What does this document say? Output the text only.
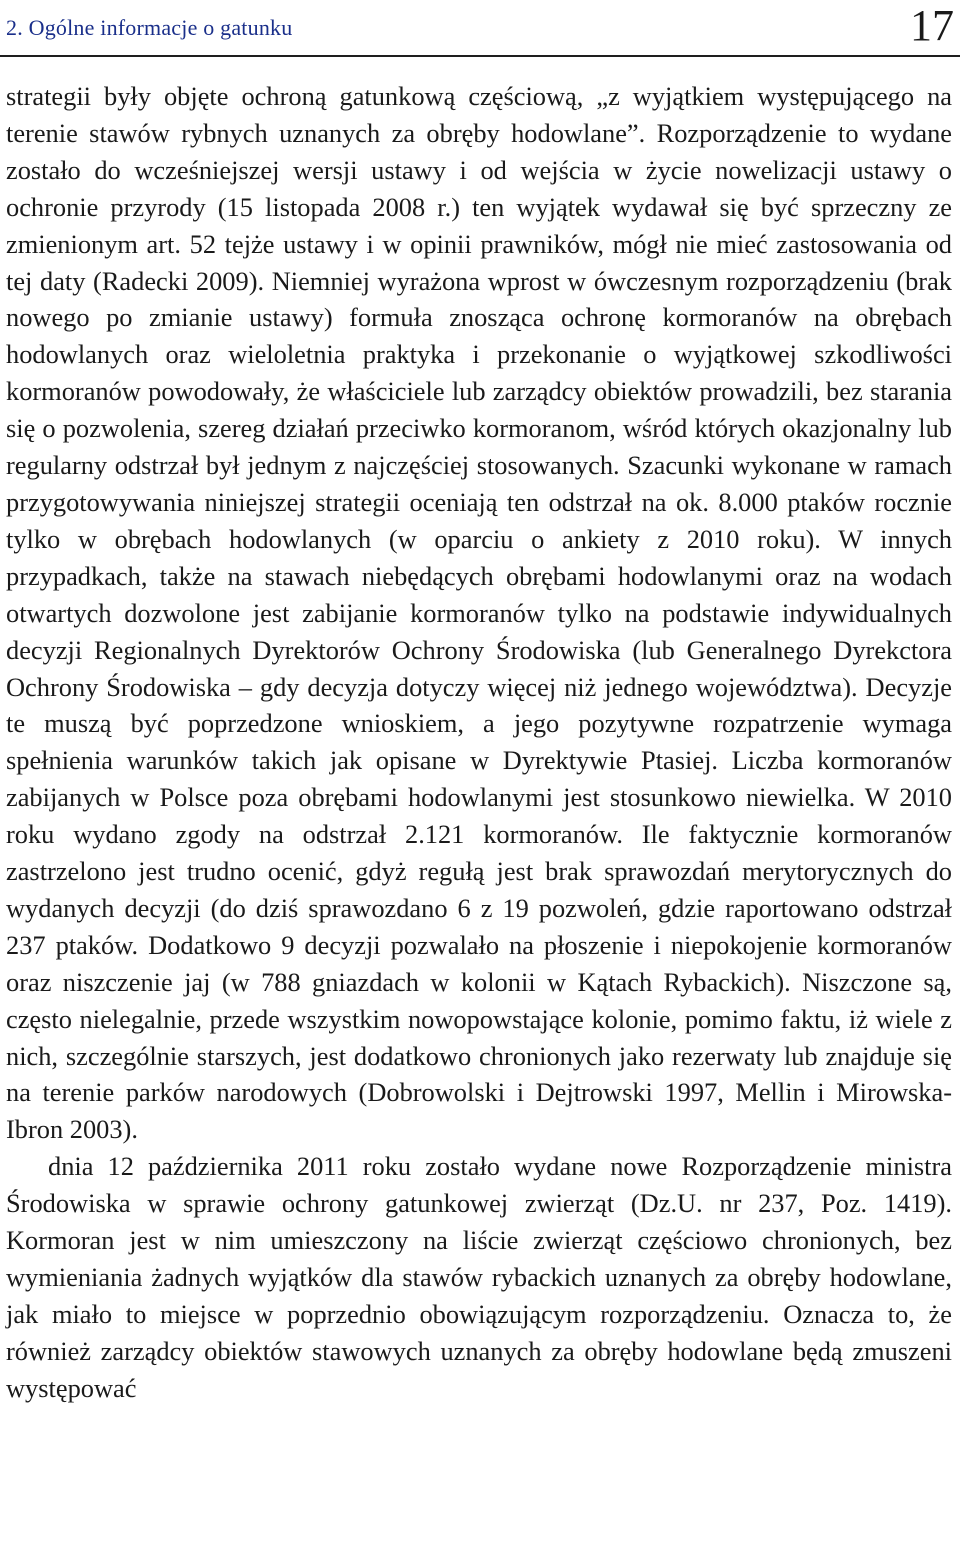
2. Ogólne informacje o gatunku	17

strategii były objęte ochroną gatunkową częściową, „z wyjątkiem występującego na terenie stawów rybnych uznanych za obręby hodowlane”. Rozporządzenie to wydane zostało do wcześniejszej wersji ustawy i od wejścia w życie nowelizacji ustawy o ochronie przyrody (15 listopada 2008 r.) ten wyjątek wydawał się być sprzeczny ze zmienionym art. 52 tejże ustawy i w opinii prawników, mógł nie mieć zastosowania od tej daty (Radecki 2009). Niemniej wyrażona wprost w ówczesnym rozporządzeniu (brak nowego po zmianie ustawy) formuła znosząca ochronę kormoranów na obrębach hodowlanych oraz wieloletnia praktyka i przekonanie o wyjątkowej szkodliwości kormoranów powodowały, że właściciele lub zarządcy obiektów prowadzili, bez starania się o pozwolenia, szereg działań przeciwko kormoranom, wśród których okazjonalny lub regularny odstrzał był jednym z najczęściej stosowanych. Szacunki wykonane w ramach przygotowywania niniejszej strategii oceniają ten odstrzał na ok. 8.000 ptaków rocznie tylko w obrębach hodowlanych (w oparciu o ankiety z 2010 roku). W innych przypadkach, także na stawach niebędących obrębami hodowlanymi oraz na wodach otwartych dozwolone jest zabijanie kormoranów tylko na podstawie indywidualnych decyzji Regionalnych Dyrektorów Ochrony Środowiska (lub Generalnego Dyrekctora Ochrony Środowiska – gdy decyzja dotyczy więcej niż jednego województwa). Decyzje te muszą być poprzedzone wnioskiem, a jego pozytywne rozpatrzenie wymaga spełnienia warunków takich jak opisane w Dyrektywie Ptasiej. Liczba kormoranów zabijanych w Polsce poza obrębami hodowlanymi jest stosunkowo niewielka. W 2010 roku wydano zgody na odstrzał 2.121 kormoranów. Ile faktycznie kormoranów zastrzelono jest trudno ocenić, gdyż regułą jest brak sprawozdań merytorycznych do wydanych decyzji (do dziś sprawozdano 6 z 19 pozwoleń, gdzie raportowano odstrzał 237 ptaków. Dodatkowo 9 decyzji pozwalało na płoszenie i niepokojenie kormoranów oraz niszczenie jaj (w 788 gniazdach w kolonii w Kątach Rybackich). Niszczone są, często nielegalnie, przede wszystkim nowopowstające kolonie, pomimo faktu, iż wiele z nich, szczególnie starszych, jest dodatkowo chronionych jako rezerwaty lub znajduje się na terenie parków narodowych (Dobrowolski i Dejtrowski 1997, Mellin i Mirowska-Ibron 2003).

dnia 12 października 2011 roku zostało wydane nowe Rozporządzenie ministra Środowiska w sprawie ochrony gatunkowej zwierząt (Dz.U. nr 237, Poz. 1419). Kormoran jest w nim umieszczony na liście zwierząt częściowo chronionych, bez wymieniania żadnych wyjątków dla stawów rybackich uznanych za obręby hodowlane, jak miało to miejsce w poprzednio obowiązującym rozporządzeniu. Oznacza to, że również zarządcy obiektów stawowych uznanych za obręby hodowlane będą zmuszeni występować
